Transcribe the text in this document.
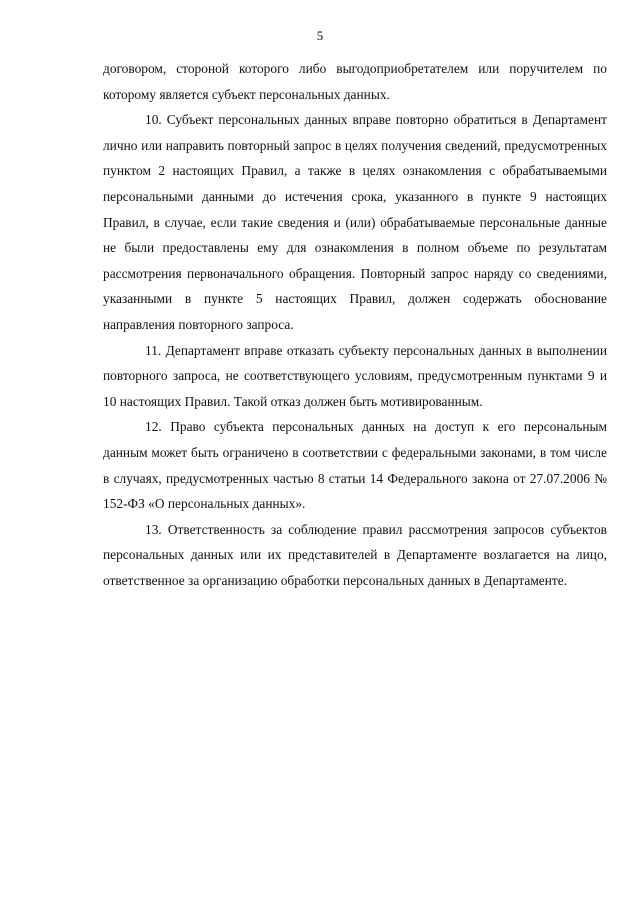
5

договором, стороной которого либо выгодоприобретателем или поручителем по которому является субъект персональных данных.

10. Субъект персональных данных вправе повторно обратиться в Департамент лично или направить повторный запрос в целях получения сведений, предусмотренных пунктом 2 настоящих Правил, а также в целях ознакомления с обрабатываемыми персональными данными до истечения срока, указанного в пункте 9 настоящих Правил, в случае, если такие сведения и (или) обрабатываемые персональные данные не были предоставлены ему для ознакомления в полном объеме по результатам рассмотрения первоначального обращения. Повторный запрос наряду со сведениями, указанными в пункте 5 настоящих Правил, должен содержать обоснование направления повторного запроса.

11. Департамент вправе отказать субъекту персональных данных в выполнении повторного запроса, не соответствующего условиям, предусмотренным пунктами 9 и 10 настоящих Правил. Такой отказ должен быть мотивированным.

12. Право субъекта персональных данных на доступ к его персональным данным может быть ограничено в соответствии с федеральными законами, в том числе в случаях, предусмотренных частью 8 статьи 14 Федерального закона от 27.07.2006 № 152-ФЗ «О персональных данных».

13. Ответственность за соблюдение правил рассмотрения запросов субъектов персональных данных или их представителей в Департаменте возлагается на лицо, ответственное за организацию обработки персональных данных в Департаменте.
